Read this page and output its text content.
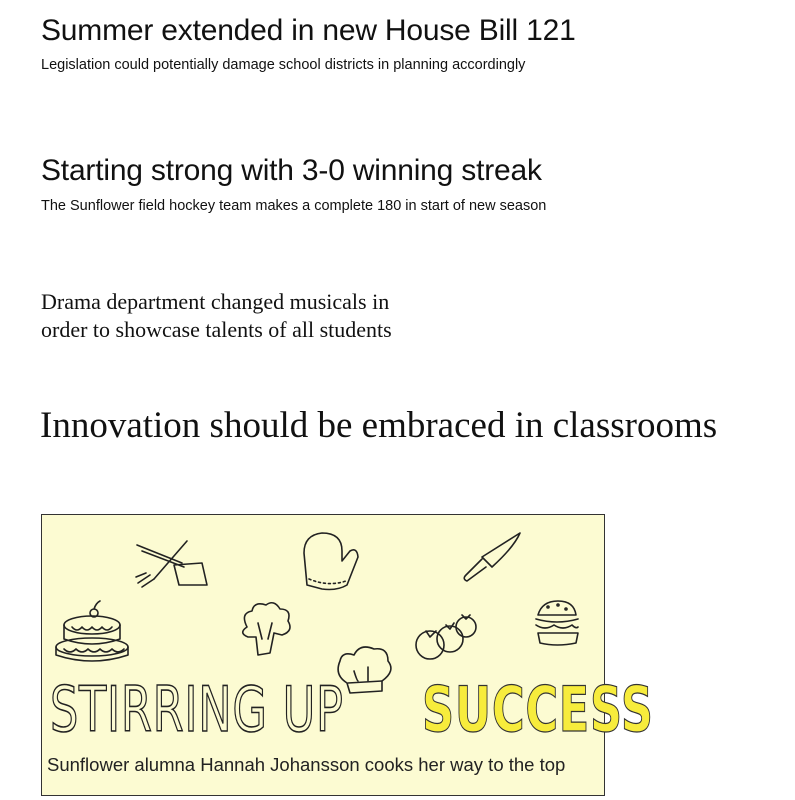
Summer extended in new House Bill 121

Legislation could potentially damage school districts in planning accordingly

Starting strong with 3-0 winning streak

The Sunflower field hockey team makes a complete 180 in start of new season

Drama department changed musicals in
order to showcase talents of all students
Innovation should be embraced in classrooms
STIRRING UP SUCCESS

Sunflower alumna Hannah Johansson cooks her way to the top
